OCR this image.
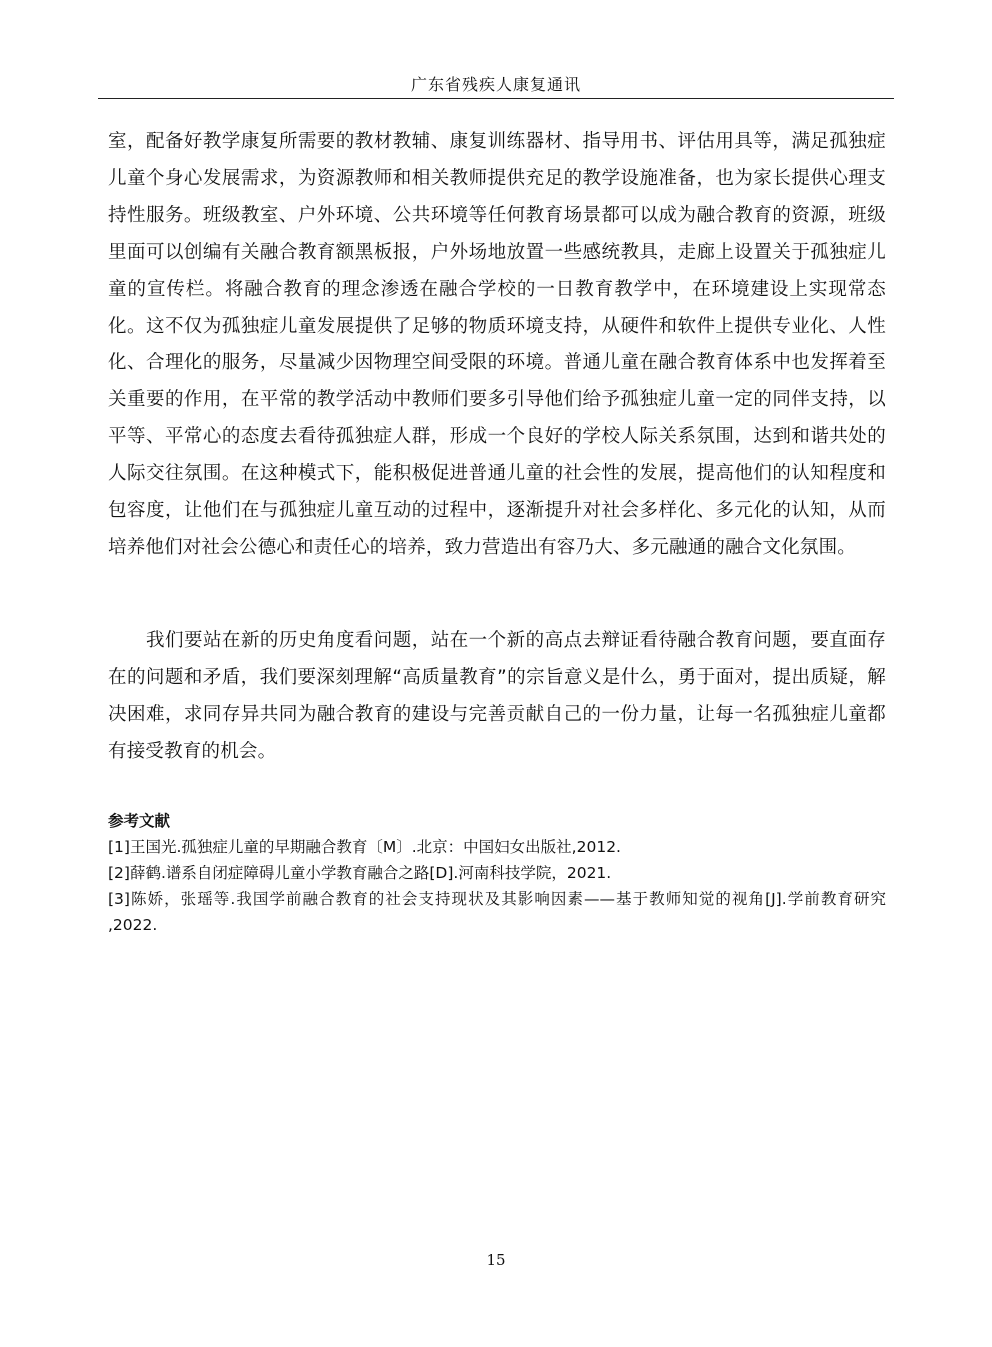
广东省残疾人康复通讯

室，配备好教学康复所需要的教材教辅、康复训练器材、指导用书、评估用具等，满足孤独症儿童个身心发展需求，为资源教师和相关教师提供充足的教学设施准备，也为家长提供心理支持性服务。班级教室、户外环境、公共环境等任何教育场景都可以成为融合教育的资源，班级里面可以创编有关融合教育额黑板报，户外场地放置一些感统教具，走廊上设置关于孤独症儿童的宣传栏。将融合教育的理念渗透在融合学校的一日教育教学中，在环境建设上实现常态化。这不仅为孤独症儿童发展提供了足够的物质环境支持，从硬件和软件上提供专业化、人性化、合理化的服务，尽量减少因物理空间受限的环境。普通儿童在融合教育体系中也发挥着至关重要的作用，在平常的教学活动中教师们要多引导他们给予孤独症儿童一定的同伴支持，以平等、平常心的态度去看待孤独症人群，形成一个良好的学校人际关系氛围，达到和谐共处的人际交往氛围。在这种模式下，能积极促进普通儿童的社会性的发展，提高他们的认知程度和包容度，让他们在与孤独症儿童互动的过程中，逐渐提升对社会多样化、多元化的认知，从而培养他们对社会公德心和责任心的培养，致力营造出有容乃大、多元融通的融合文化氛围。

我们要站在新的历史角度看问题，站在一个新的高点去辩证看待融合教育问题，要直面存在的问题和矛盾，我们要深刻理解“高质量教育”的宗旨意义是什么，勇于面对，提出质疑，解决困难，求同存异共同为融合教育的建设与完善贡献自己的一份力量，让每一名孤独症儿童都有接受教育的机会。

参考文献

[1]王国光.孤独症儿童的早期融合教育〔M〕.北京：中国妇女出版社,2012.

[2]薛鹤.谱系自闭症障碍儿童小学教育融合之路[D].河南科技学院，2021.

[3]陈娇，张瑶等.我国学前融合教育的社会支持现状及其影响因素——基于教师知觉的视角[J].学前教育研究 ,2022.

15
